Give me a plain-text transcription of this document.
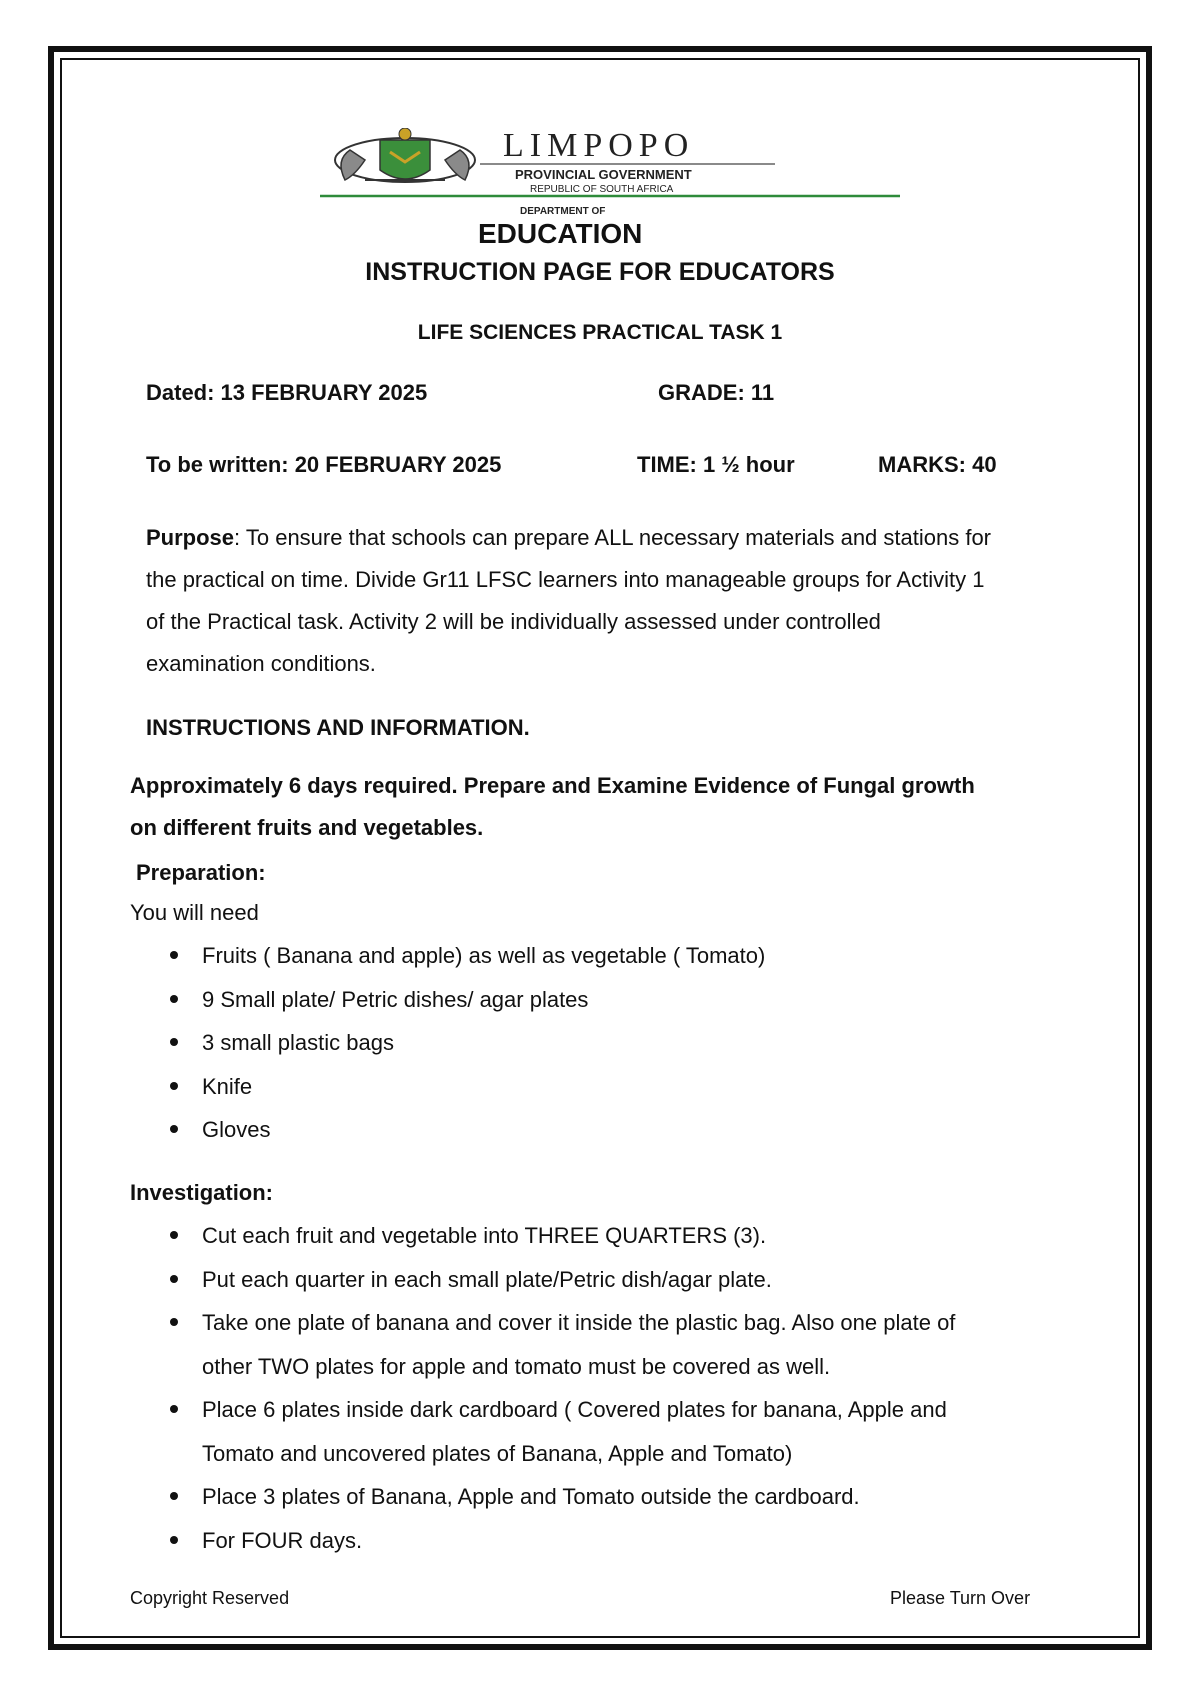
LIMPOPO
PROVINCIAL GOVERNMENT
REPUBLIC OF SOUTH AFRICA
DEPARTMENT OF
EDUCATION
INSTRUCTION PAGE FOR EDUCATORS
LIFE SCIENCES PRACTICAL TASK 1
Dated: 13 FEBRUARY 2025	GRADE: 11
To be written: 20 FEBRUARY 2025	TIME: 1 ½ hour	MARKS: 40
Purpose: To ensure that schools can prepare ALL necessary materials and stations for
the practical on time. Divide Gr11 LFSC learners into manageable groups for Activity 1
of the Practical task. Activity 2 will be individually assessed under controlled
examination conditions.
INSTRUCTIONS AND INFORMATION.
Approximately 6 days required. Prepare and Examine Evidence of Fungal growth
on different fruits and vegetables.
Preparation:
You will need
Fruits ( Banana and apple) as well as vegetable ( Tomato)
9 Small plate/ Petric dishes/ agar plates
3 small plastic bags
Knife
Gloves
Investigation:
Cut each fruit and vegetable into THREE QUARTERS (3).
Put each quarter in each small plate/Petric dish/agar plate.
Take one plate of banana and cover it inside the plastic bag. Also one plate of
other TWO plates for apple and tomato must be covered as well.
Place 6 plates inside dark cardboard ( Covered plates for banana, Apple and
Tomato and uncovered plates of Banana, Apple and Tomato)
Place 3 plates of Banana, Apple and Tomato outside the cardboard.
For FOUR days.
Copyright Reserved	Please Turn Over
